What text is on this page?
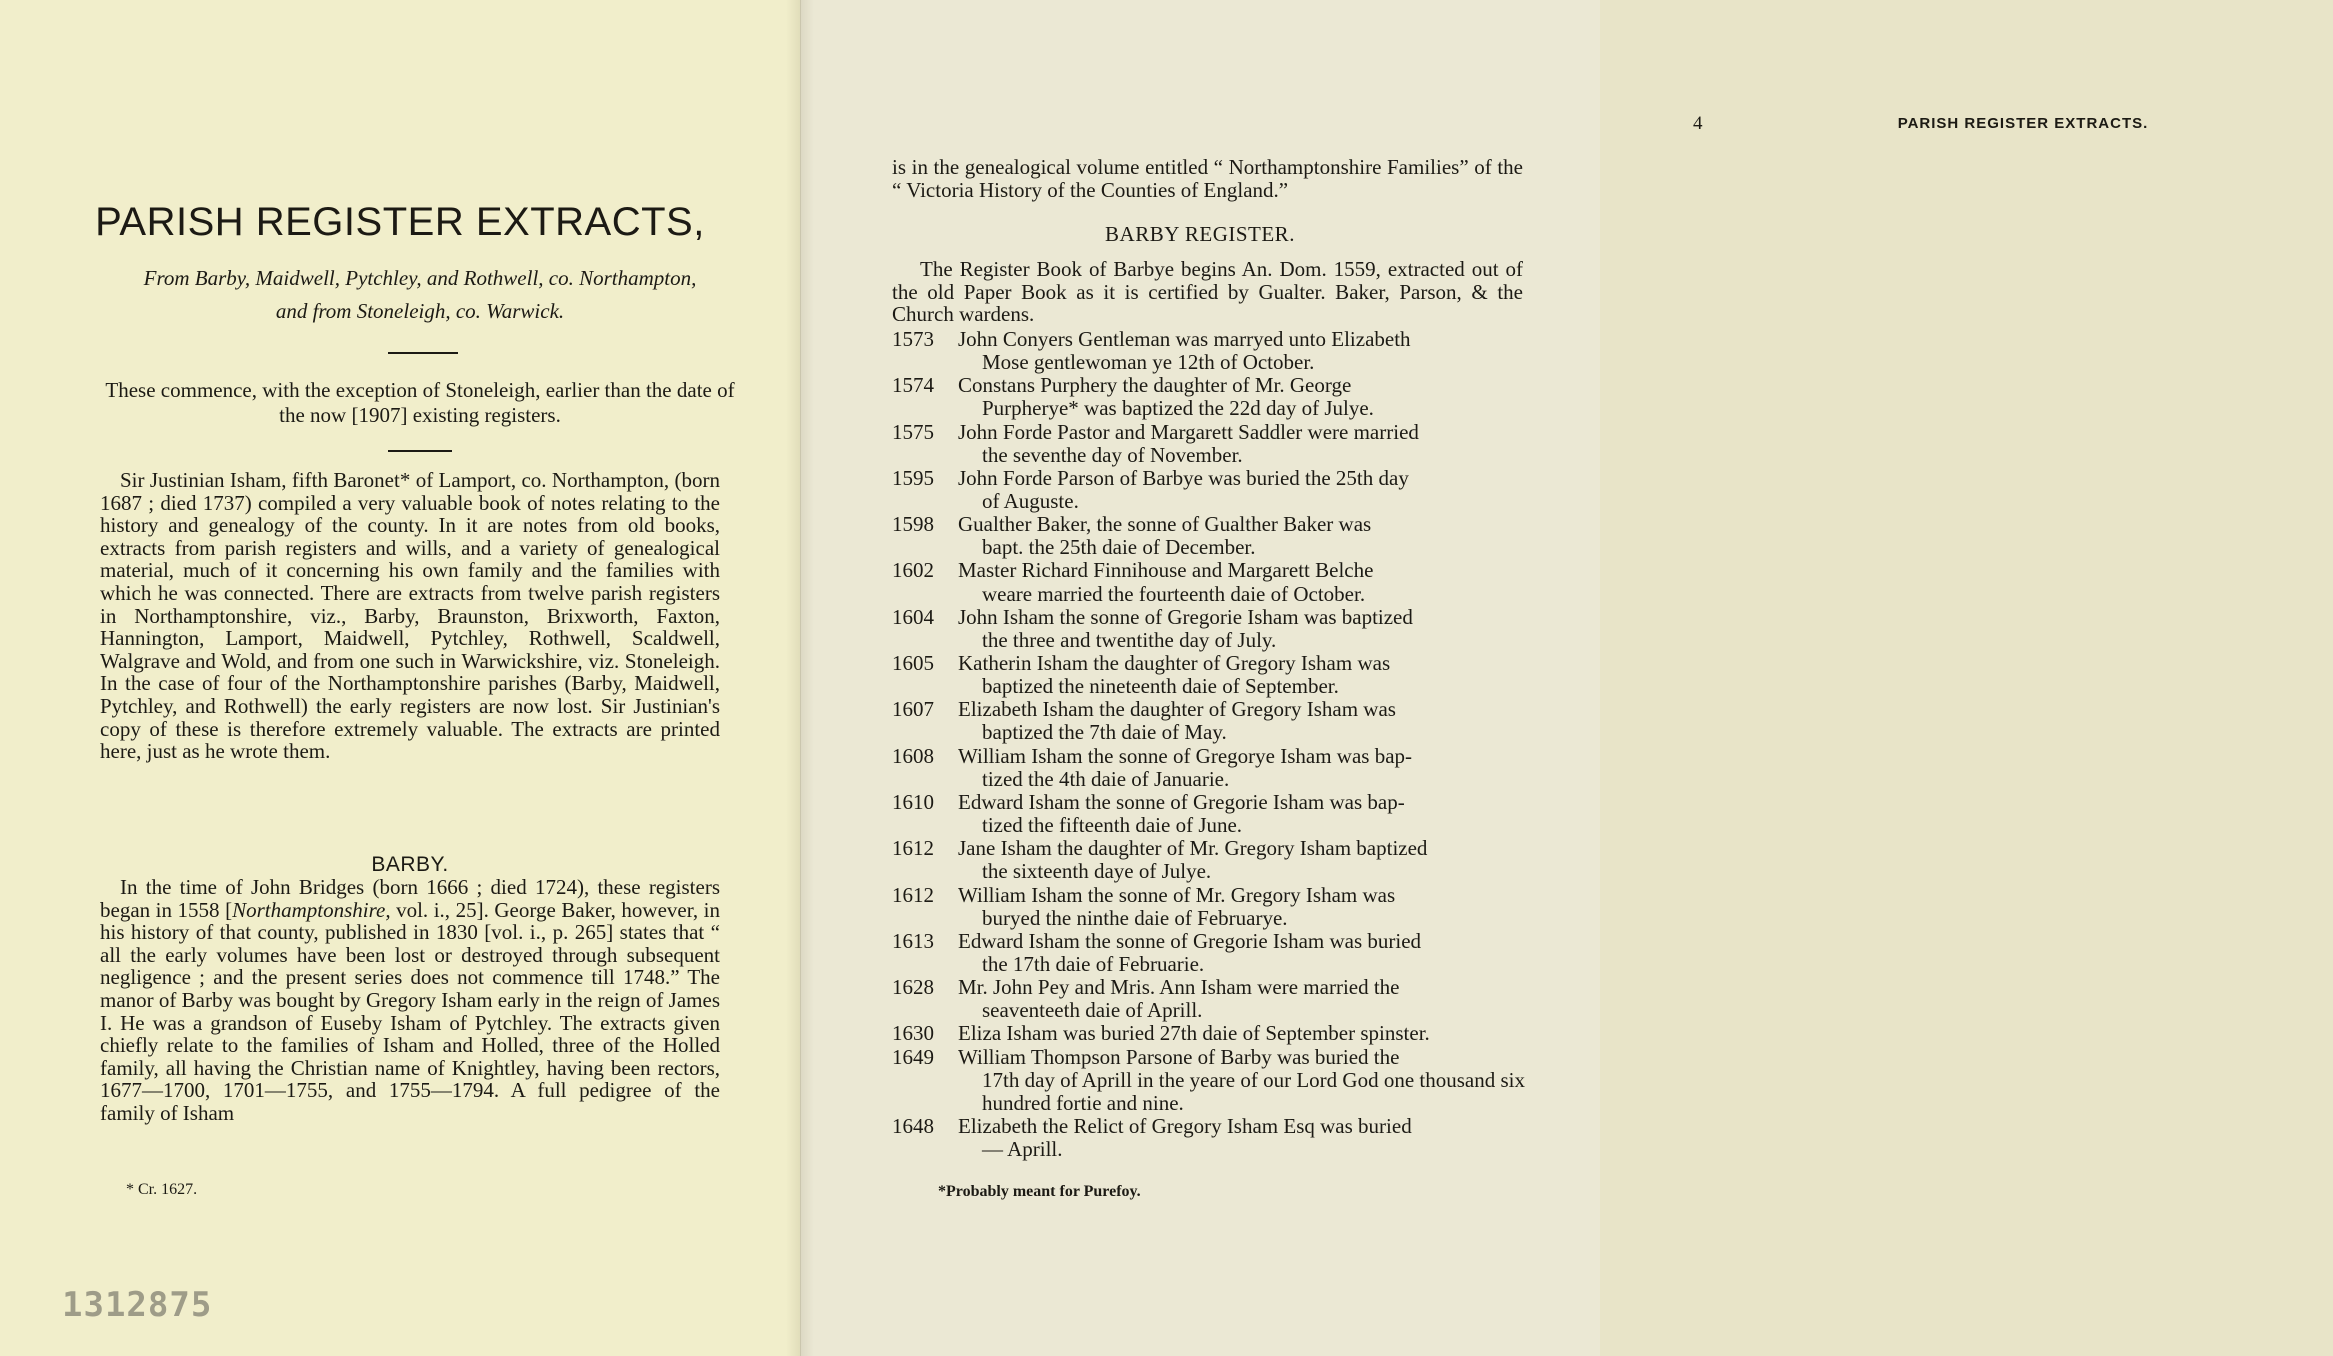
PARISH REGISTER EXTRACTS,
From Barby, Maidwell, Pytchley, and Rothwell, co. Northampton,
and from Stoneleigh, co. Warwick.
These commence, with the exception of Stoneleigh, earlier than the date of the now [1907] existing registers.

Sir Justinian Isham, fifth Baronet* of Lamport, co. Northampton, (born 1687 ; died 1737) compiled a very valuable book of notes relating to the history and genealogy of the county. In it are notes from old books, extracts from parish registers and wills, and a variety of genealogical material, much of it concerning his own family and the families with which he was connected. There are extracts from twelve parish registers in Northamptonshire, viz., Barby, Braunston, Brixworth, Faxton, Hannington, Lamport, Maidwell, Pytchley, Rothwell, Scaldwell, Walgrave and Wold, and from one such in Warwickshire, viz. Stoneleigh. In the case of four of the Northamptonshire parishes (Barby, Maidwell, Pytchley, and Rothwell) the early registers are now lost. Sir Justinian's copy of these is therefore extremely valuable. The extracts are printed here, just as he wrote them.

BARBY.

In the time of John Bridges (born 1666 ; died 1724), these registers began in 1558 [Northamptonshire, vol. i., 25]. George Baker, however, in his history of that county, published in 1830 [vol. i., p. 265] states that “ all the early volumes have been lost or destroyed through subsequent negligence ; and the present series does not commence till 1748.” The manor of Barby was bought by Gregory Isham early in the reign of James I. He was a grandson of Euseby Isham of Pytchley. The extracts given chiefly relate to the families of Isham and Holled, three of the Holled family, all having the Christian name of Knightley, having been rectors, 1677—1700, 1701—1755, and 1755—1794. A full pedigree of the family of Isham

* Cr. 1627.
1312875
4	PARISH REGISTER EXTRACTS.

is in the genealogical volume entitled “ Northamptonshire Families” of the “ Victoria History of the Counties of England.”

BARBY REGISTER.

The Register Book of Barbye begins An. Dom. 1559, extracted out of the old Paper Book as it is certified by Gualter. Baker, Parson, & the Church wardens.

1573	John Conyers Gentleman was marryed unto Elizabeth
Mose gentlewoman ye 12th of October.
1574	Constans Purphery the daughter of Mr. George
Purpherye* was baptized the 22d day of Julye.
1575	John Forde Pastor and Margarett Saddler were married
the seventhe day of November.
1595	John Forde Parson of Barbye was buried the 25th day
of Auguste.
1598	Gualther Baker, the sonne of Gualther Baker was
bapt. the 25th daie of December.
1602	Master Richard Finnihouse and Margarett Belche
weare married the fourteenth daie of October.
1604	John Isham the sonne of Gregorie Isham was baptized
the three and twentithe day of July.
1605	Katherin Isham the daughter of Gregory Isham was
baptized the nineteenth daie of September.
1607	Elizabeth Isham the daughter of Gregory Isham was
baptized the 7th daie of May.
1608	William Isham the sonne of Gregorye Isham was bap-
tized the 4th daie of Januarie.
1610	Edward Isham the sonne of Gregorie Isham was bap-
tized the fifteenth daie of June.
1612	Jane Isham the daughter of Mr. Gregory Isham baptized
the sixteenth daye of Julye.
1612	William Isham the sonne of Mr. Gregory Isham was
buryed the ninthe daie of Februarye.
1613	Edward Isham the sonne of Gregorie Isham was buried
the 17th daie of Februarie.
1628	Mr. John Pey and Mris. Ann Isham were married the
seaventeeth daie of Aprill.
1630	Eliza Isham was buried 27th daie of September spinster.
1649	William Thompson Parsone of Barby was buried the
17th day of Aprill in the yeare of our Lord God one thousand six hundred fortie and nine.
1648	Elizabeth the Relict of Gregory Isham Esq was buried
— Aprill.
*Probably meant for Purefoy.
